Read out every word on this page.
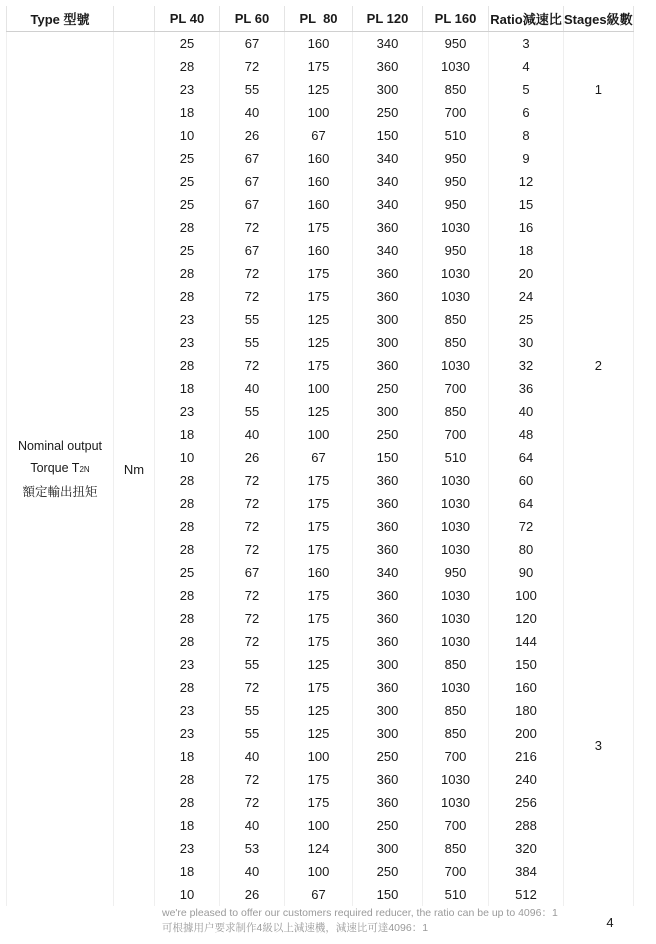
Type 型號		PL 40	PL 60	PL  80	PL 120	PL 160	Ratio減速比	Stages級數

Nominal output
Torque T2N
額定輸出扭矩	Nm	25	67	160	340	950	3	1
		28	72	175	360	1030	4	
		23	55	125	300	850	5	
		18	40	100	250	700	6	
		10	26	67	150	510	8	
		25	67	160	340	950	9	2
		25	67	160	340	950	12	
		25	67	160	340	950	15	
		28	72	175	360	1030	16	
		25	67	160	340	950	18	
		28	72	175	360	1030	20	
		28	72	175	360	1030	24	
		23	55	125	300	850	25	
		23	55	125	300	850	30	
		28	72	175	360	1030	32	
		18	40	100	250	700	36	
		23	55	125	300	850	40	
		18	40	100	250	700	48	
		10	26	67	150	510	64	
		28	72	175	360	1030	60	
		28	72	175	360	1030	64	
		28	72	175	360	1030	72	
		28	72	175	360	1030	80	
		25	67	160	340	950	90	
		28	72	175	360	1030	100	3
		28	72	175	360	1030	120	
		28	72	175	360	1030	144	
		23	55	125	300	850	150	
		28	72	175	360	1030	160	
		23	55	125	300	850	180	
		23	55	125	300	850	200	
		18	40	100	250	700	216	
		28	72	175	360	1030	240	
		28	72	175	360	1030	256	
		18	40	100	250	700	288	
		23	53	124	300	850	320	
		18	40	100	250	700	384	
		10	26	67	150	510	512	
we're pleased to offer our customers required reducer, the ratio can be up to 4096：1
可根據用户要求制作4級以上減速機，減速比可達4096：1	4
